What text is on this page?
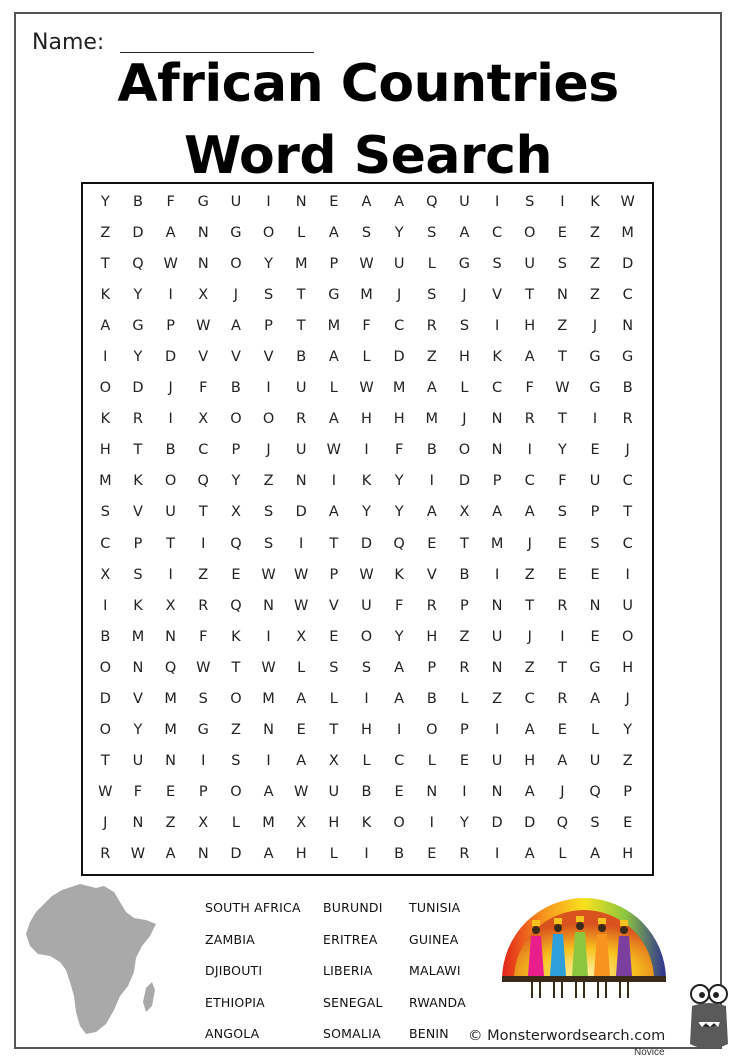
Name:
African Countries
Word Search
Y	B	F	G	U	I	N	E	A	A	Q	U	I	S	I	K	W
Z	D	A	N	G	O	L	A	S	Y	S	A	C	O	E	Z	M
T	Q	W	N	O	Y	M	P	W	U	L	G	S	U	S	Z	D
K	Y	I	X	J	S	T	G	M	J	S	J	V	T	N	Z	C
A	G	P	W	A	P	T	M	F	C	R	S	I	H	Z	J	N
I	Y	D	V	V	V	B	A	L	D	Z	H	K	A	T	G	G
O	D	J	F	B	I	U	L	W	M	A	L	C	F	W	G	B
K	R	I	X	O	O	R	A	H	H	M	J	N	R	T	I	R
H	T	B	C	P	J	U	W	I	F	B	O	N	I	Y	E	J
M	K	O	Q	Y	Z	N	I	K	Y	I	D	P	C	F	U	C
S	V	U	T	X	S	D	A	Y	Y	A	X	A	A	S	P	T
C	P	T	I	Q	S	I	T	D	Q	E	T	M	J	E	S	C
X	S	I	Z	E	W	W	P	W	K	V	B	I	Z	E	E	I
I	K	X	R	Q	N	W	V	U	F	R	P	N	T	R	N	U
B	M	N	F	K	I	X	E	O	Y	H	Z	U	J	I	E	O
O	N	Q	W	T	W	L	S	S	A	P	R	N	Z	T	G	H
D	V	M	S	O	M	A	L	I	A	B	L	Z	C	R	A	J
O	Y	M	G	Z	N	E	T	H	I	O	P	I	A	E	L	Y
T	U	N	I	S	I	A	X	L	C	L	E	U	H	A	U	Z
W	F	E	P	O	A	W	U	B	E	N	I	N	A	J	Q	P
J	N	Z	X	L	M	X	H	K	O	I	Y	D	D	Q	S	E
R	W	A	N	D	A	H	L	I	B	E	R	I	A	L	A	H
SOUTH AFRICA	BURUNDI	TUNISIA
ZAMBIA	ERITREA	GUINEA
DJIBOUTI	LIBERIA	MALAWI
ETHIOPIA	SENEGAL	RWANDA
ANGOLA	SOMALIA	BENIN	© Monsterwordsearch.com
Novice
